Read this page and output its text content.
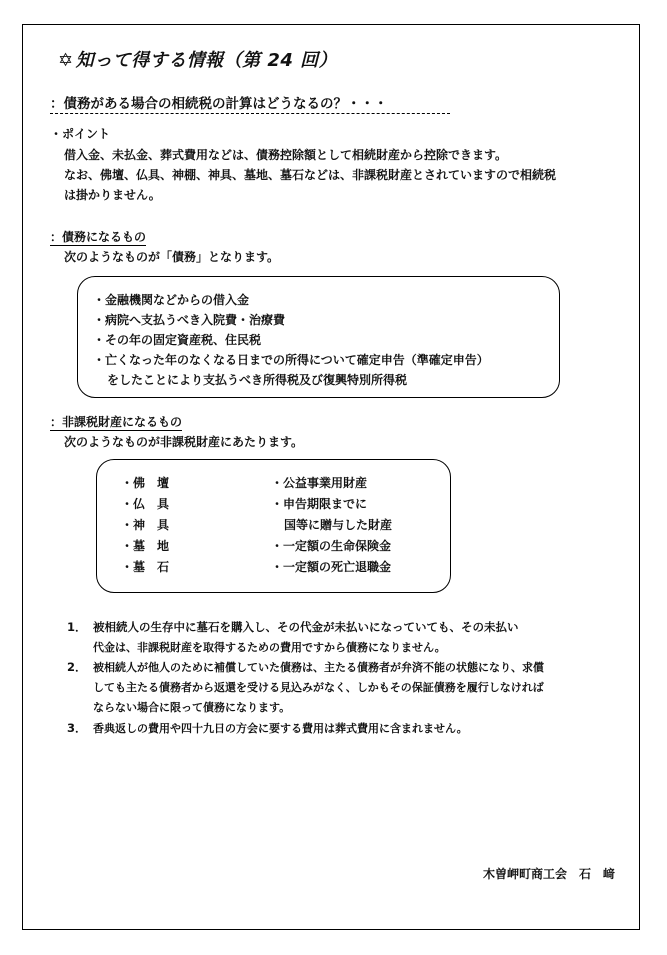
✡ 知って得する情報（第 24 回）
：債務がある場合の相続税の計算はどうなるの？・・・
・ポイント
借入金、未払金、葬式費用などは、債務控除額として相続財産から控除できます。
なお、佛壇、仏具、神棚、神具、墓地、墓石などは、非課税財産とされていますので相続税
は掛かりません。
：債務になるもの
次のようなものが「債務」となります。
・金融機関などからの借入金
・病院へ支払うべき入院費・治療費
・その年の固定資産税、住民税
・亡くなった年のなくなる日までの所得について確定申告（準確定申告）
をしたことにより支払うべき所得税及び復興特別所得税
：非課税財産になるもの
次のようなものが非課税財産にあたります。
・佛　壇
・仏　具
・神　具
・墓　地
・墓　石
・公益事業用財産
・申告期限までに
国等に贈与した財産
・一定額の生命保険金
・一定額の死亡退職金
1． 被相続人の生存中に墓石を購入し、その代金が未払いになっていても、その未払い
代金は、非課税財産を取得するための費用ですから債務になりません。
2． 被相続人が他人のために補償していた債務は、主たる債務者が弁済不能の状態になり、求償
しても主たる債務者から返還を受ける見込みがなく、しかもその保証債務を履行しなければ
ならない場合に限って債務になります。
3． 香典返しの費用や四十九日の方会に要する費用は葬式費用に含まれません。
木曽岬町商工会　石　﨑
